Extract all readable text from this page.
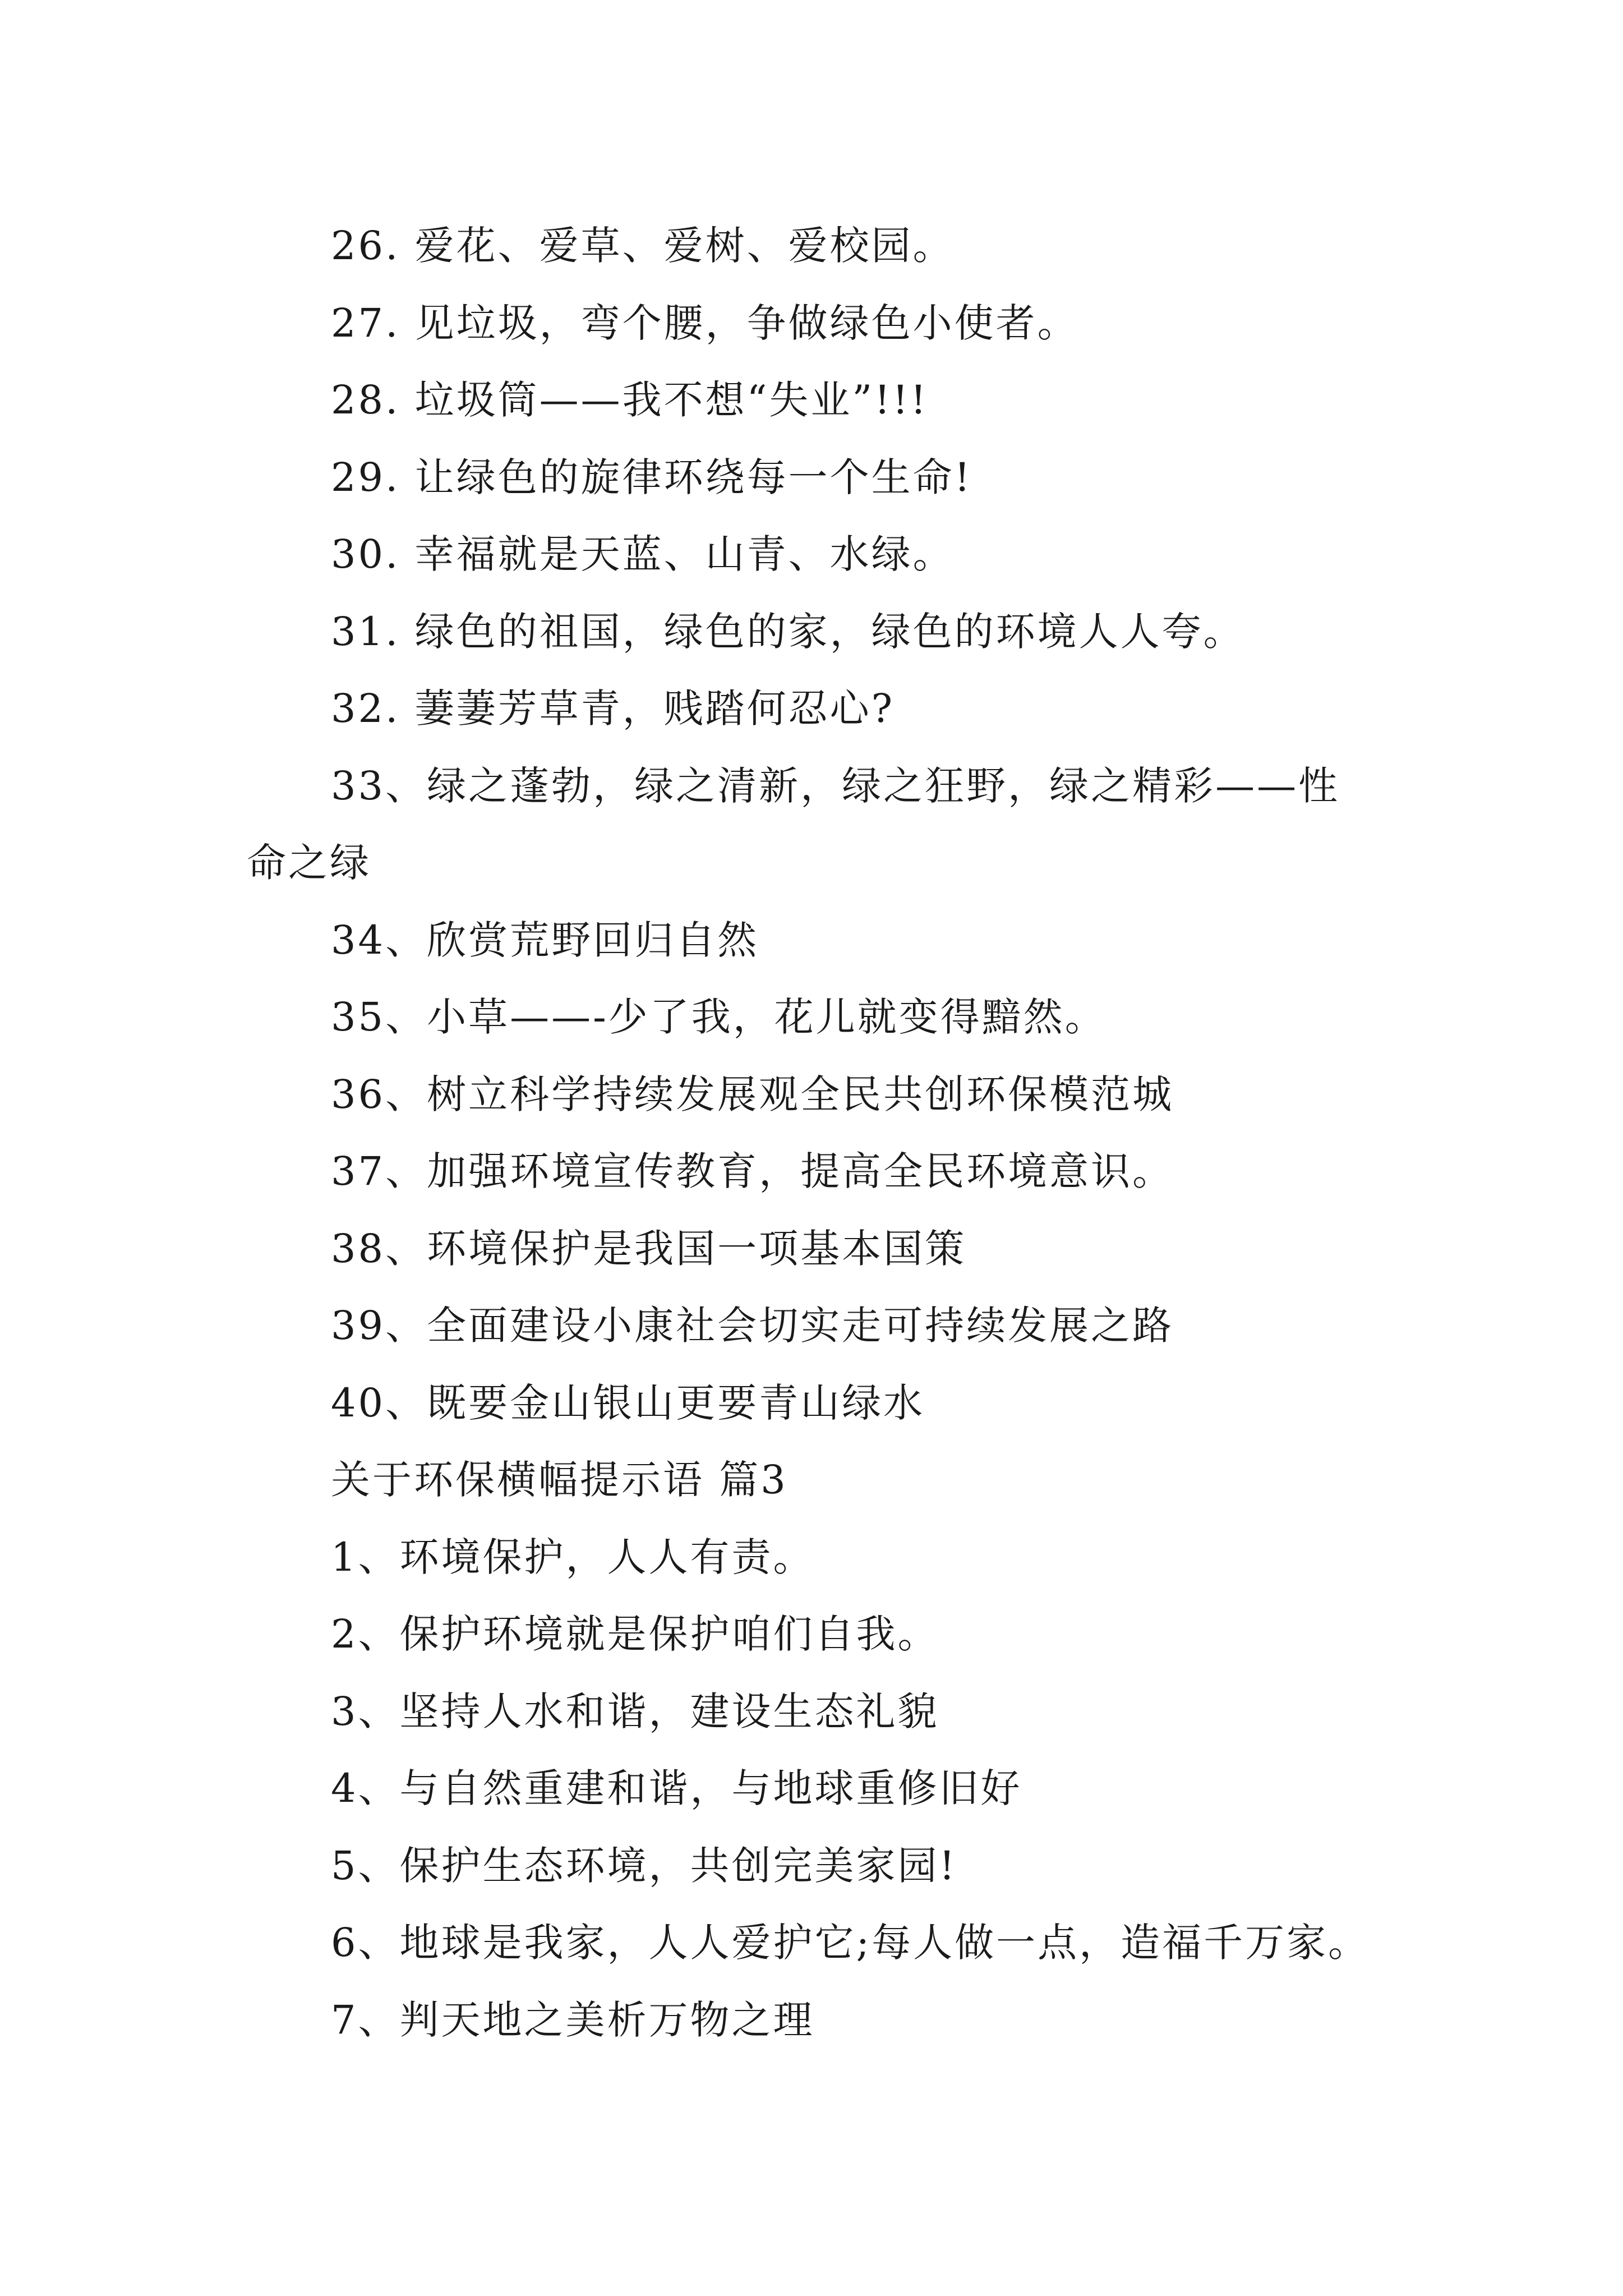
26. 爱花、爱草、爱树、爱校园。
27. 见垃圾，弯个腰，争做绿色小使者。
28. 垃圾筒——我不想“失业”!!!
29. 让绿色的旋律环绕每一个生命!
30. 幸福就是天蓝、山青、水绿。
31. 绿色的祖国，绿色的家，绿色的环境人人夸。
32. 萋萋芳草青，贱踏何忍心?
33、绿之蓬勃，绿之清新，绿之狂野，绿之精彩——性
命之绿
34、欣赏荒野回归自然
35、小草——-少了我，花儿就变得黯然。
36、树立科学持续发展观全民共创环保模范城
37、加强环境宣传教育，提高全民环境意识。
38、环境保护是我国一项基本国策
39、全面建设小康社会切实走可持续发展之路
40、既要金山银山更要青山绿水
关于环保横幅提示语 篇3
1、环境保护，人人有责。
2、保护环境就是保护咱们自我。
3、坚持人水和谐，建设生态礼貌
4、与自然重建和谐，与地球重修旧好
5、保护生态环境，共创完美家园!
6、地球是我家，人人爱护它;每人做一点，造福千万家。
7、判天地之美析万物之理
